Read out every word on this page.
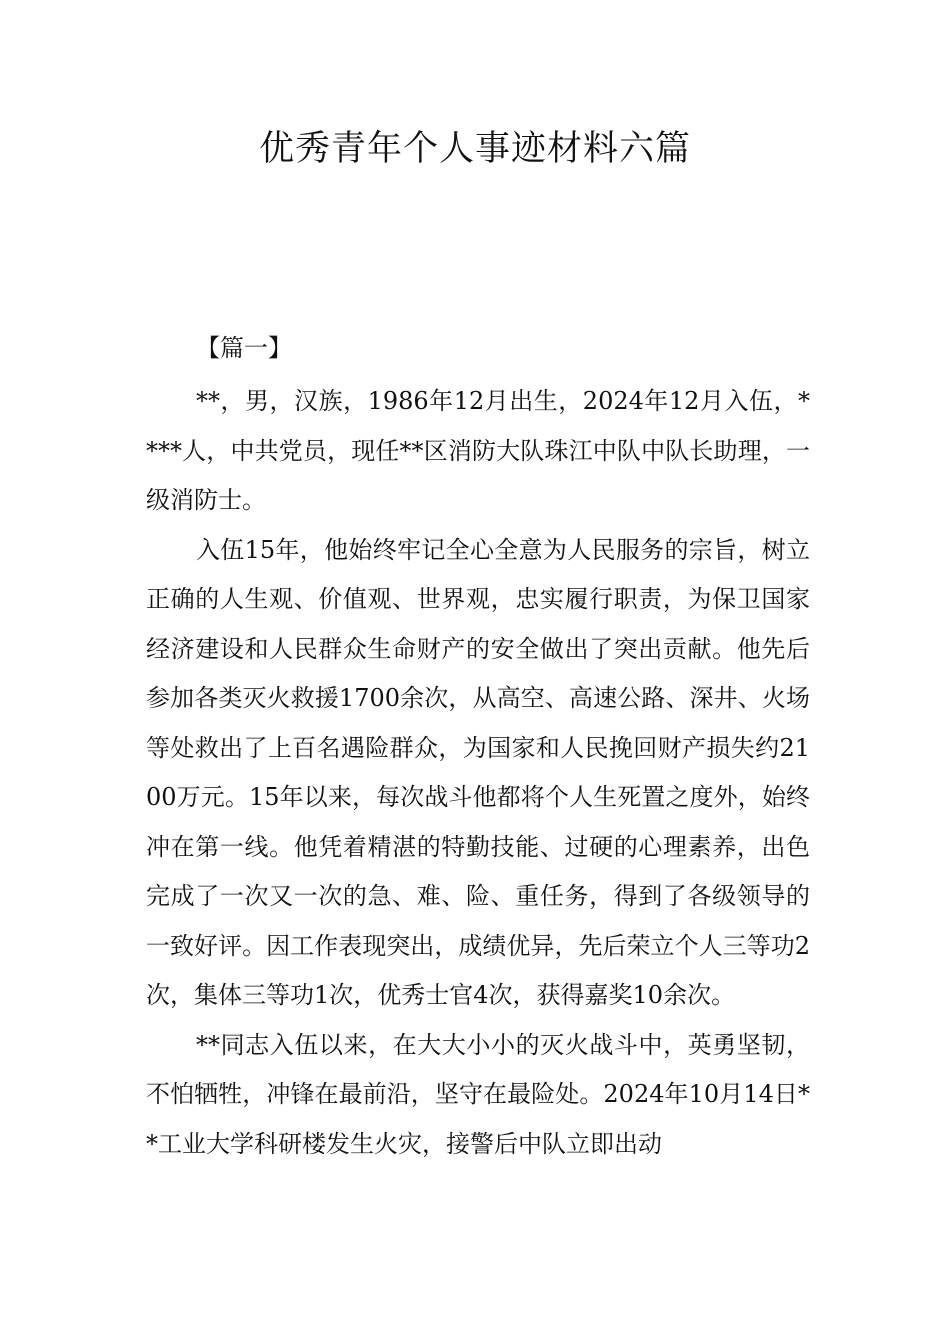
优秀青年个人事迹材料六篇
【篇一】

**，男，汉族，1986年12月出生，2024年12月入伍，****人，中共党员，现任**区消防大队珠江中队中队长助理，一级消防士。

入伍15年，他始终牢记全心全意为人民服务的宗旨，树立正确的人生观、价值观、世界观，忠实履行职责，为保卫国家经济建设和人民群众生命财产的安全做出了突出贡献。他先后参加各类灭火救援1700余次，从高空、高速公路、深井、火场等处救出了上百名遇险群众，为国家和人民挽回财产损失约2100万元。15年以来，每次战斗他都将个人生死置之度外，始终冲在第一线。他凭着精湛的特勤技能、过硬的心理素养，出色完成了一次又一次的急、难、险、重任务，得到了各级领导的一致好评。因工作表现突出，成绩优异，先后荣立个人三等功2次，集体三等功1次，优秀士官4次，获得嘉奖10余次。

**同志入伍以来，在大大小小的灭火战斗中，英勇坚韧，不怕牺牲，冲锋在最前沿，坚守在最险处。2024年10月14日**工业大学科研楼发生火灾，接警后中队立即出动
